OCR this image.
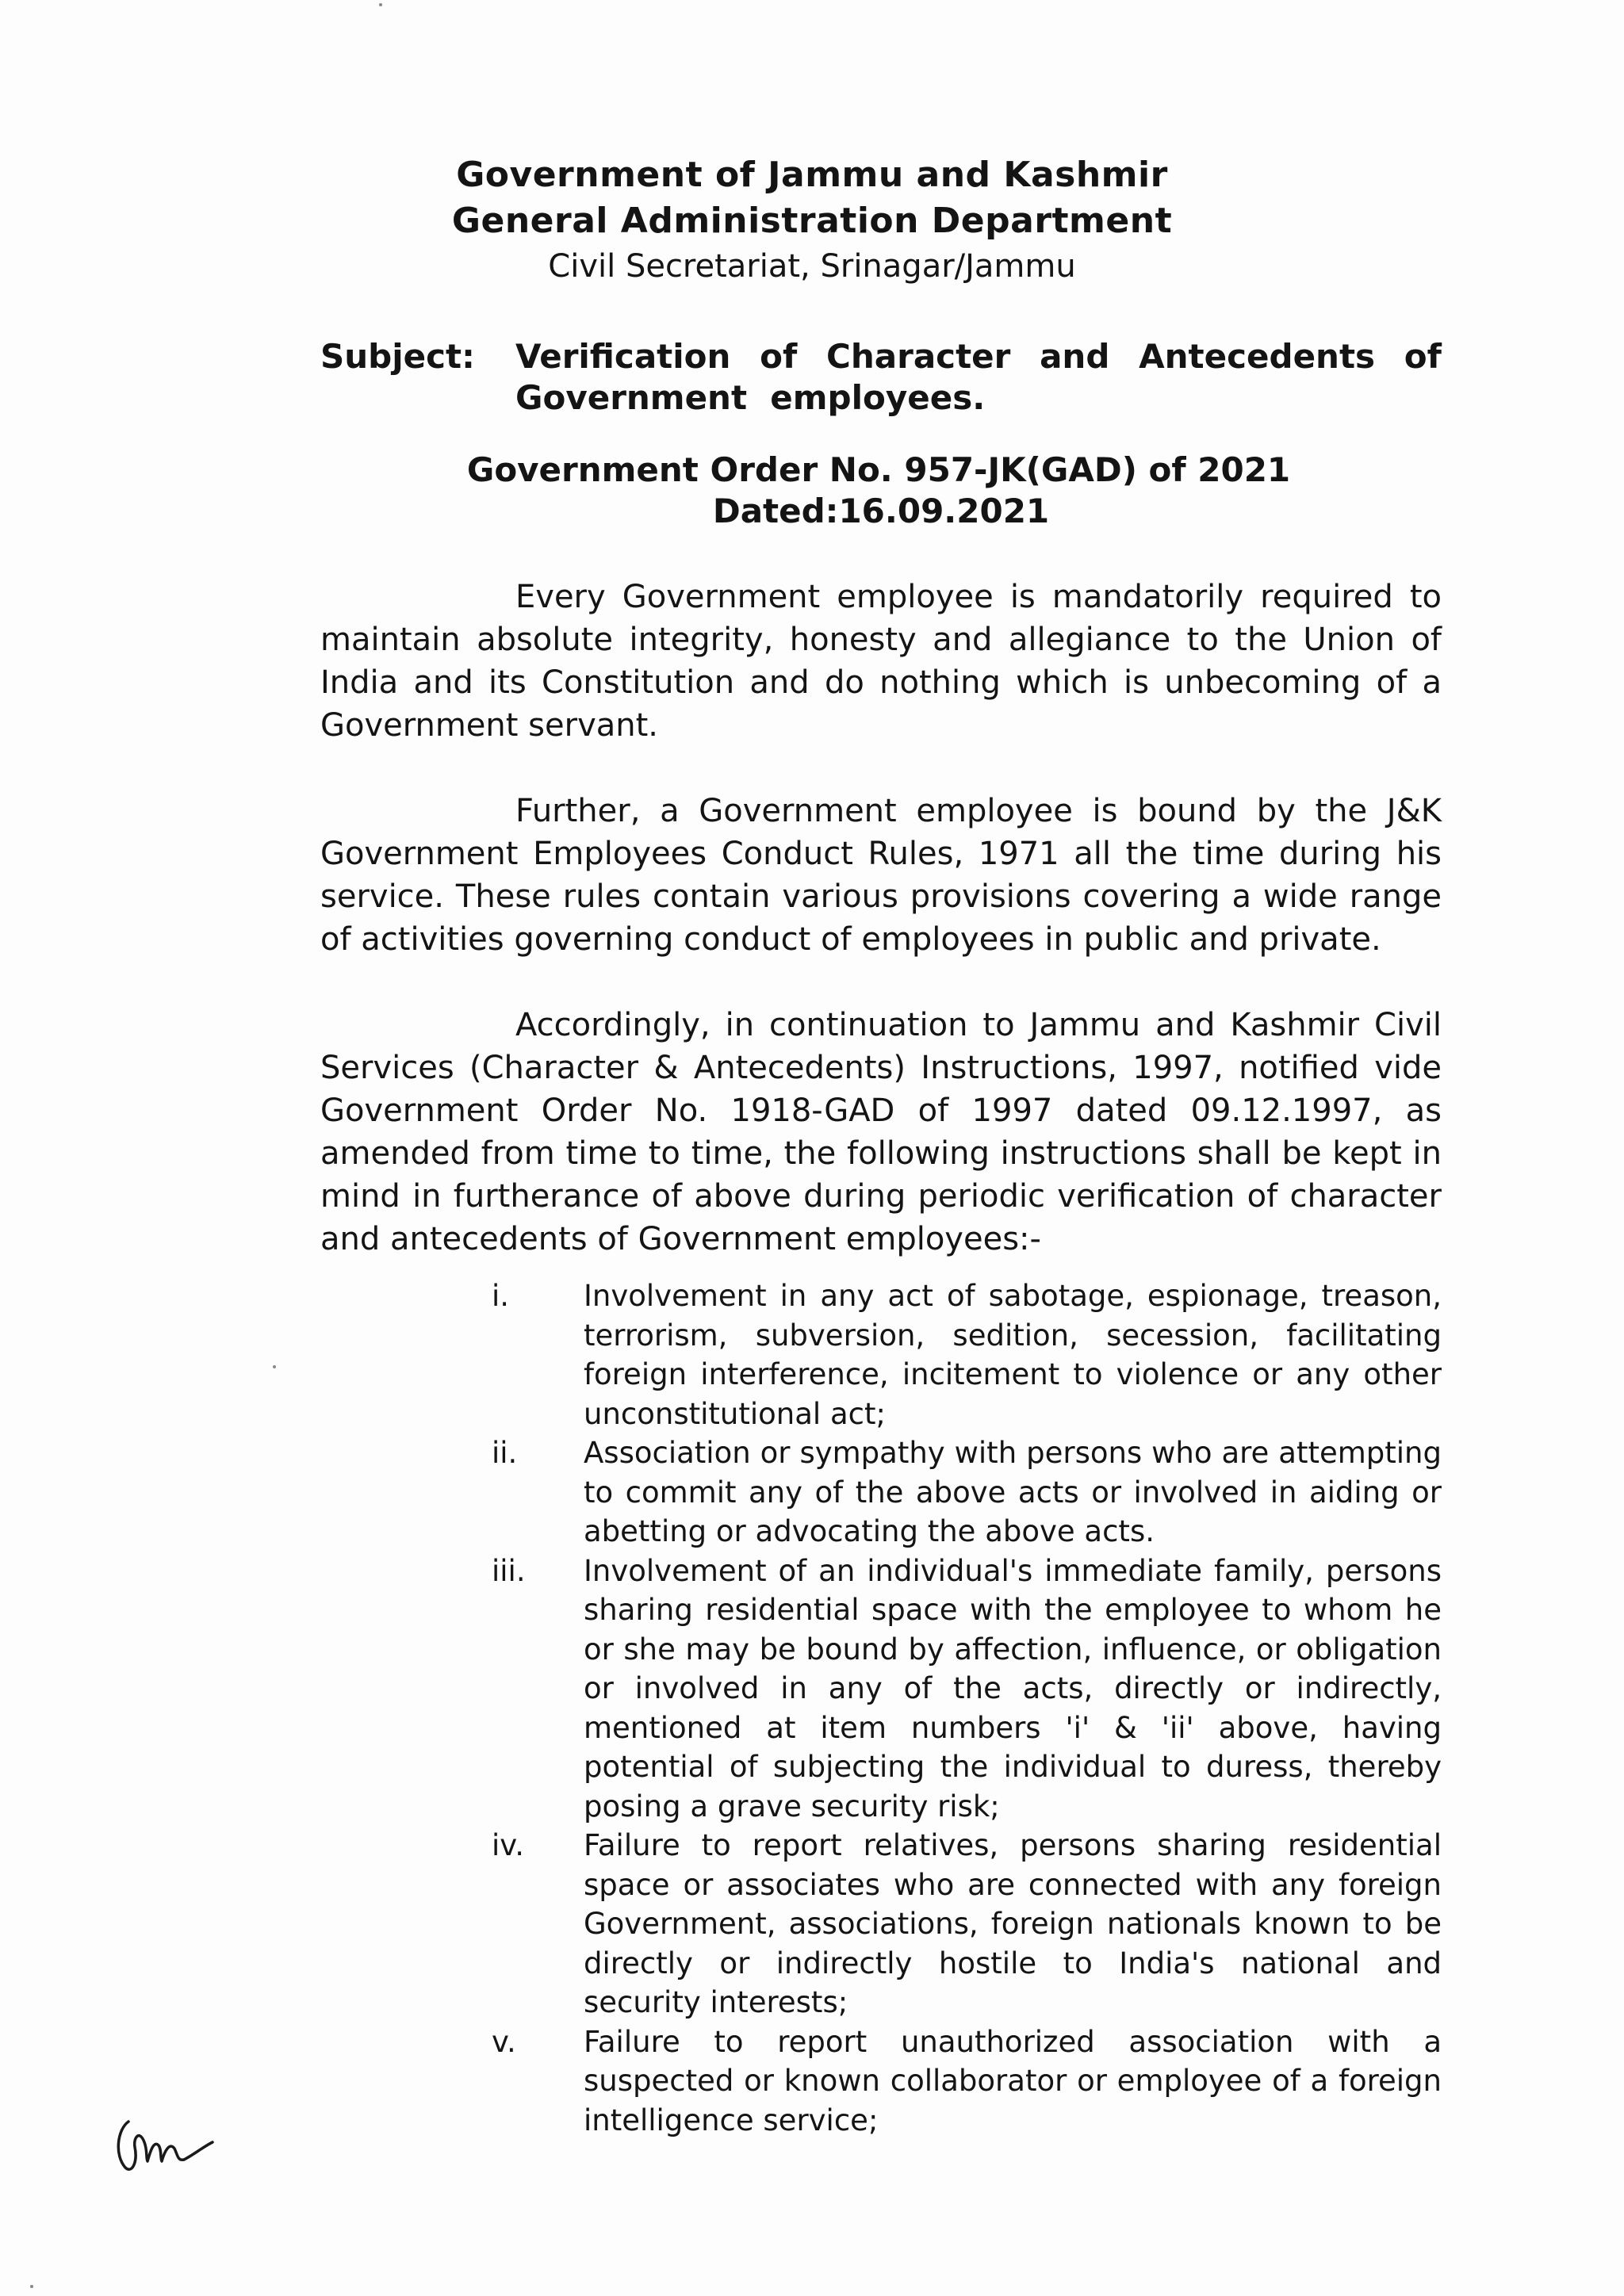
Government of Jammu and Kashmir
General Administration Department
Civil Secretariat, Srinagar/Jammu
Subject: Verification of Character and Antecedents of
Government  employees.
Government Order No. 957-JK(GAD) of 2021
Dated:16.09.2021
Every Government employee is mandatorily required to maintain absolute integrity, honesty and allegiance to the Union of India and its Constitution and do nothing which is unbecoming of a Government servant.
Further, a Government employee is bound by the J&K Government Employees Conduct Rules, 1971 all the time during his service. These rules contain various provisions covering a wide range of activities governing conduct of employees in public and private.
Accordingly, in continuation to Jammu and Kashmir Civil Services (Character & Antecedents) Instructions, 1997, notified vide Government Order No. 1918-GAD of 1997 dated 09.12.1997, as amended from time to time, the following instructions shall be kept in mind in furtherance of above during periodic verification of character and antecedents of Government employees:-
i.	Involvement in any act of sabotage, espionage, treason, terrorism, subversion, sedition, secession, facilitating foreign interference, incitement to violence or any other unconstitutional act;
ii.	Association or sympathy with persons who are attempting to commit any of the above acts or involved in aiding or abetting or advocating the above acts.
iii.	Involvement of an individual's immediate family, persons sharing residential space with the employee to whom he or she may be bound by affection, influence, or obligation or involved in any of the acts, directly or indirectly, mentioned at item numbers 'i' & 'ii' above, having potential of subjecting the individual to duress, thereby posing a grave security risk;
iv.	Failure to report relatives, persons sharing residential space or associates who are connected with any foreign Government, associations, foreign nationals known to be directly or indirectly hostile to India's national and security interests;
v.	Failure to report unauthorized association with a suspected or known collaborator or employee of a foreign intelligence service;
